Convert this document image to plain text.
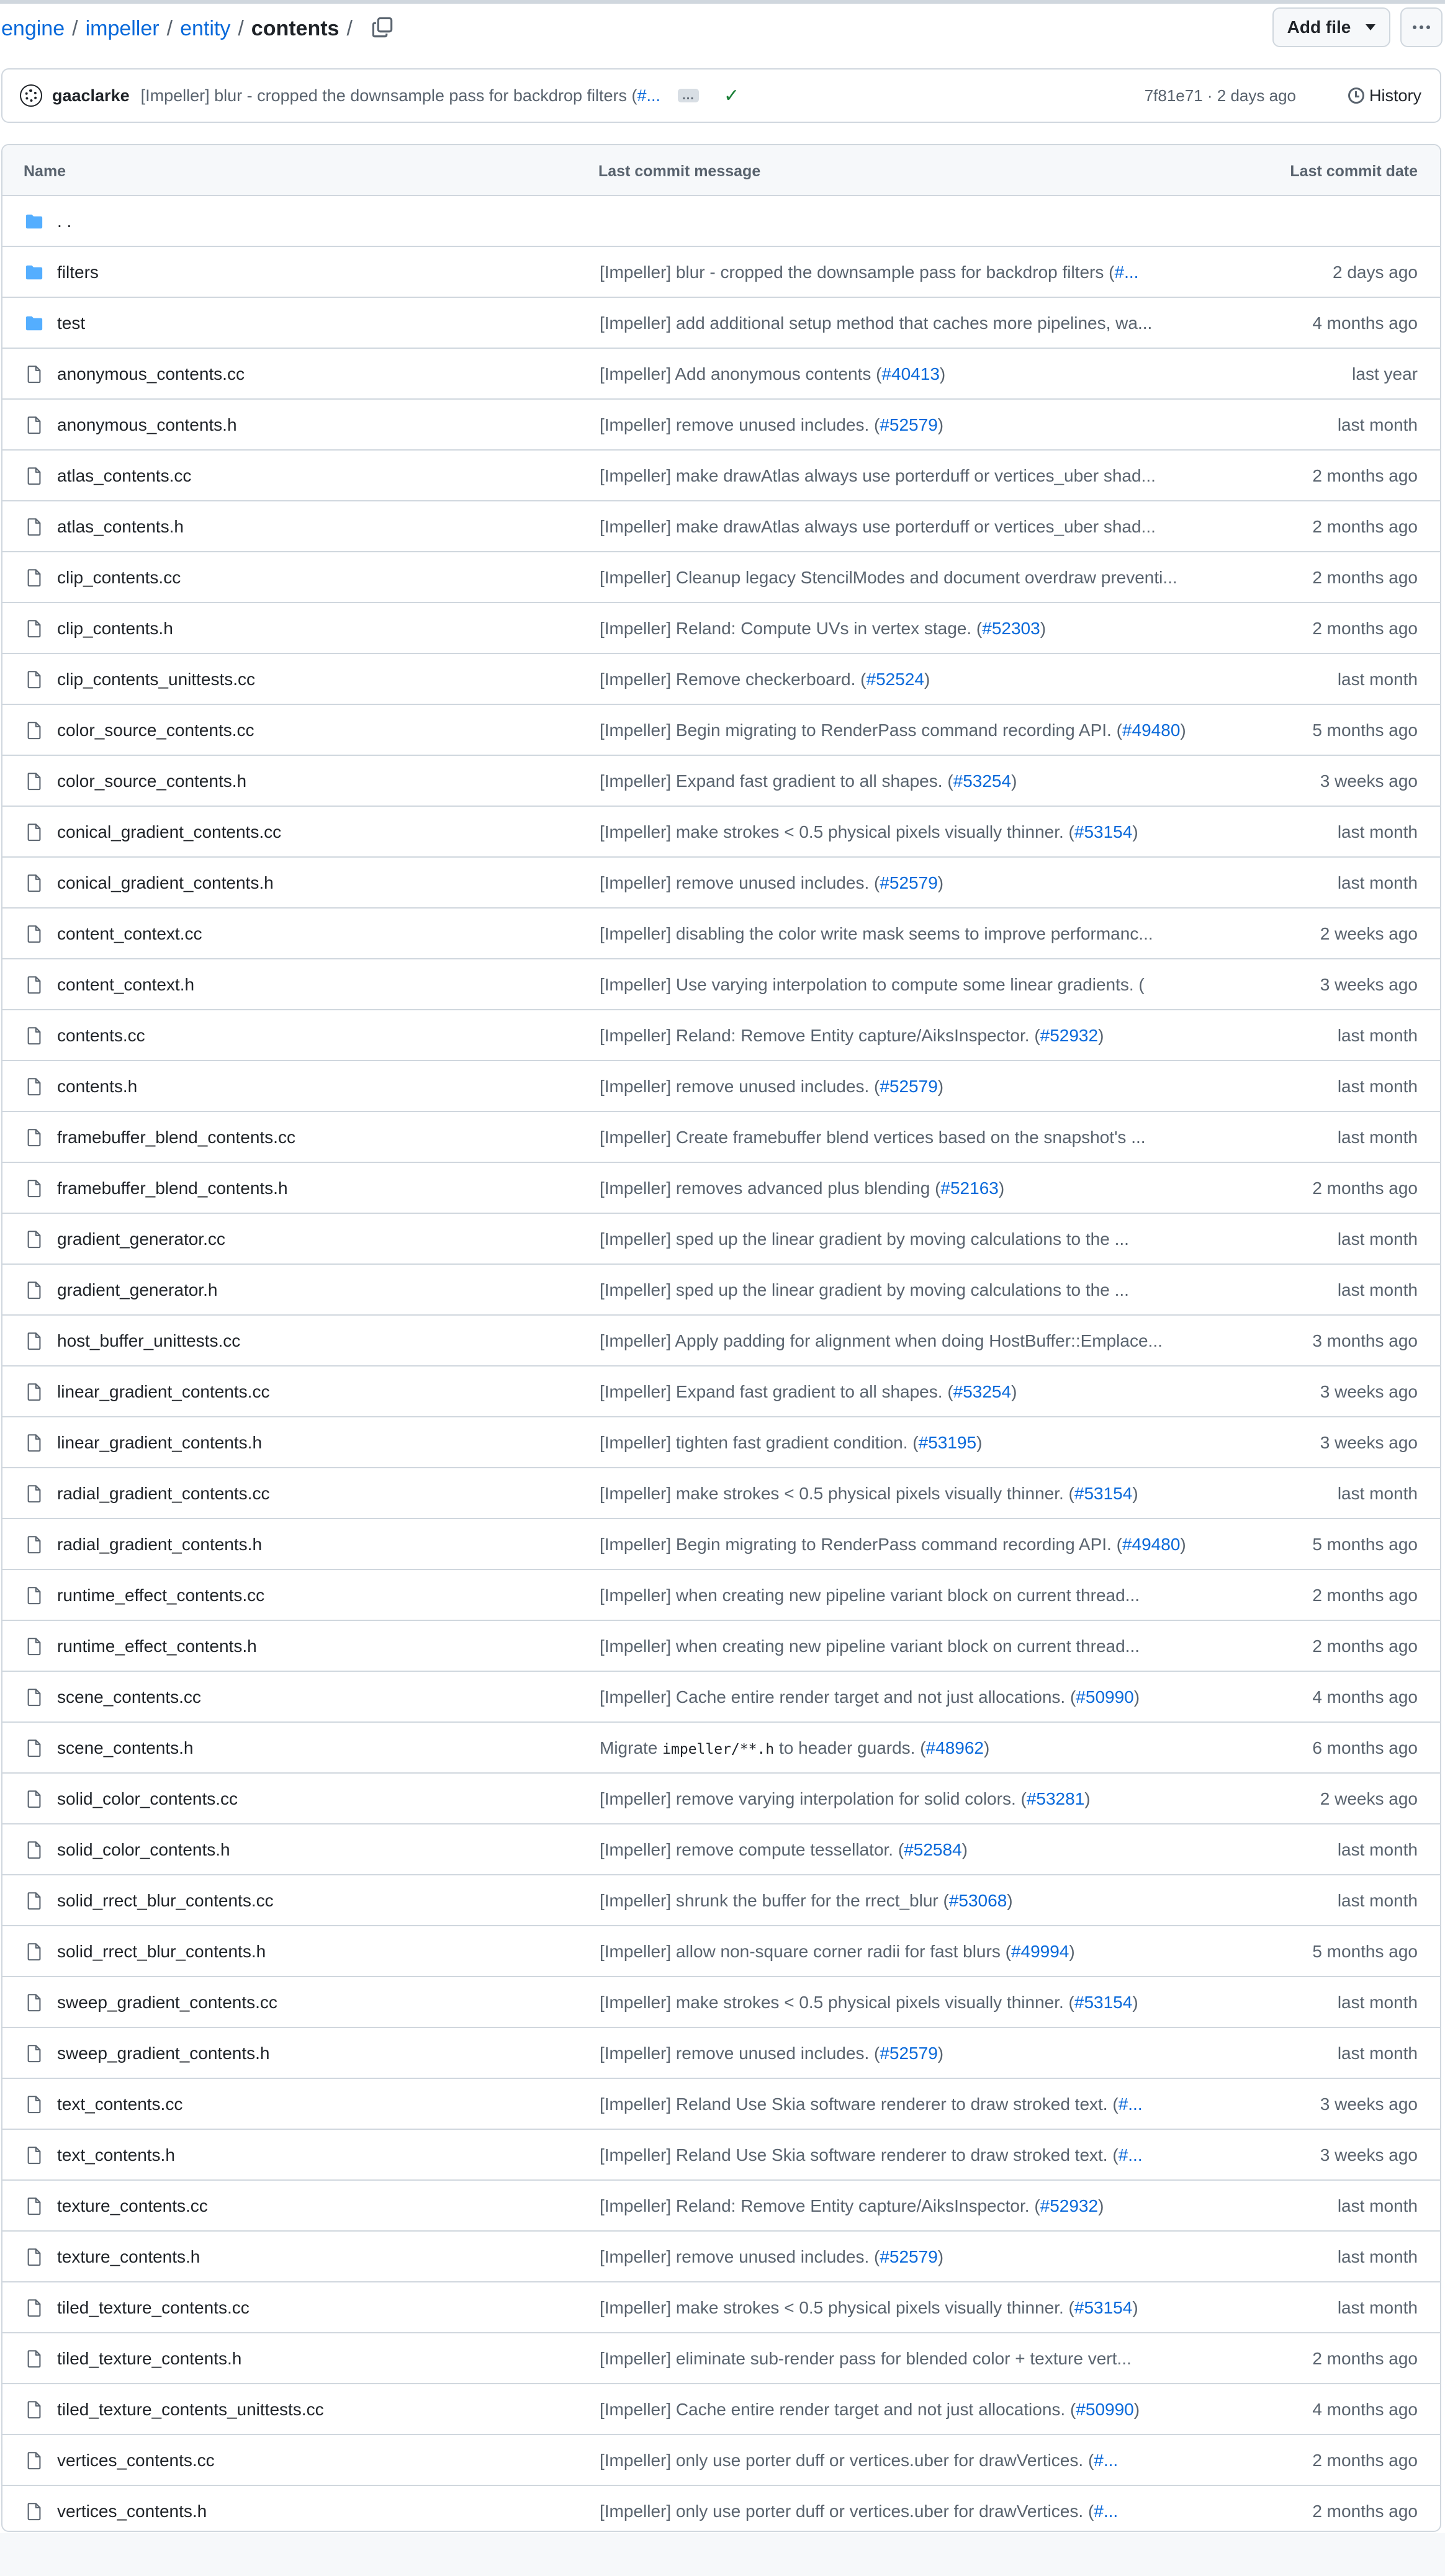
engine / impeller / entity / contents /	Add file
gaaclarke [Impeller] blur - cropped the downsample pass for backdrop filters (#...	... ✓	7f81e71 · 2 days ago	History
Name	Last commit message	Last commit date
. .
filters	[Impeller] blur - cropped the downsample pass for backdrop filters (#...	2 days ago
test	[Impeller] add additional setup method that caches more pipelines, wa...	4 months ago
anonymous_contents.cc	[Impeller] Add anonymous contents (#40413)	last year
anonymous_contents.h	[Impeller] remove unused includes. (#52579)	last month
atlas_contents.cc	[Impeller] make drawAtlas always use porterduff or vertices_uber shad...	2 months ago
atlas_contents.h	[Impeller] make drawAtlas always use porterduff or vertices_uber shad...	2 months ago
clip_contents.cc	[Impeller] Cleanup legacy StencilModes and document overdraw preventi...	2 months ago
clip_contents.h	[Impeller] Reland: Compute UVs in vertex stage. (#52303)	2 months ago
clip_contents_unittests.cc	[Impeller] Remove checkerboard. (#52524)	last month
color_source_contents.cc	[Impeller] Begin migrating to RenderPass command recording API. (#49480)	5 months ago
color_source_contents.h	[Impeller] Expand fast gradient to all shapes. (#53254)	3 weeks ago
conical_gradient_contents.cc	[Impeller] make strokes < 0.5 physical pixels visually thinner. (#53154)	last month
conical_gradient_contents.h	[Impeller] remove unused includes. (#52579)	last month
content_context.cc	[Impeller] disabling the color write mask seems to improve performanc...	2 weeks ago
content_context.h	[Impeller] Use varying interpolation to compute some linear gradients. (	3 weeks ago
contents.cc	[Impeller] Reland: Remove Entity capture/AiksInspector. (#52932)	last month
contents.h	[Impeller] remove unused includes. (#52579)	last month
framebuffer_blend_contents.cc	[Impeller] Create framebuffer blend vertices based on the snapshot's ...	last month
framebuffer_blend_contents.h	[Impeller] removes advanced plus blending (#52163)	2 months ago
gradient_generator.cc	[Impeller] sped up the linear gradient by moving calculations to the ...	last month
gradient_generator.h	[Impeller] sped up the linear gradient by moving calculations to the ...	last month
host_buffer_unittests.cc	[Impeller] Apply padding for alignment when doing HostBuffer::Emplace...	3 months ago
linear_gradient_contents.cc	[Impeller] Expand fast gradient to all shapes. (#53254)	3 weeks ago
linear_gradient_contents.h	[Impeller] tighten fast gradient condition. (#53195)	3 weeks ago
radial_gradient_contents.cc	[Impeller] make strokes < 0.5 physical pixels visually thinner. (#53154)	last month
radial_gradient_contents.h	[Impeller] Begin migrating to RenderPass command recording API. (#49480)	5 months ago
runtime_effect_contents.cc	[Impeller] when creating new pipeline variant block on current thread...	2 months ago
runtime_effect_contents.h	[Impeller] when creating new pipeline variant block on current thread...	2 months ago
scene_contents.cc	[Impeller] Cache entire render target and not just allocations. (#50990)	4 months ago
scene_contents.h	Migrate impeller/**.h to header guards. (#48962)	6 months ago
solid_color_contents.cc	[Impeller] remove varying interpolation for solid colors. (#53281)	2 weeks ago
solid_color_contents.h	[Impeller] remove compute tessellator. (#52584)	last month
solid_rrect_blur_contents.cc	[Impeller] shrunk the buffer for the rrect_blur (#53068)	last month
solid_rrect_blur_contents.h	[Impeller] allow non-square corner radii for fast blurs (#49994)	5 months ago
sweep_gradient_contents.cc	[Impeller] make strokes < 0.5 physical pixels visually thinner. (#53154)	last month
sweep_gradient_contents.h	[Impeller] remove unused includes. (#52579)	last month
text_contents.cc	[Impeller] Reland Use Skia software renderer to draw stroked text. (#...	3 weeks ago
text_contents.h	[Impeller] Reland Use Skia software renderer to draw stroked text. (#...	3 weeks ago
texture_contents.cc	[Impeller] Reland: Remove Entity capture/AiksInspector. (#52932)	last month
texture_contents.h	[Impeller] remove unused includes. (#52579)	last month
tiled_texture_contents.cc	[Impeller] make strokes < 0.5 physical pixels visually thinner. (#53154)	last month
tiled_texture_contents.h	[Impeller] eliminate sub-render pass for blended color + texture vert...	2 months ago
tiled_texture_contents_unittests.cc	[Impeller] Cache entire render target and not just allocations. (#50990)	4 months ago
vertices_contents.cc	[Impeller] only use porter duff or vertices.uber for drawVertices. (#...	2 months ago
vertices_contents.h	[Impeller] only use porter duff or vertices.uber for drawVertices. (#...	2 months ago
